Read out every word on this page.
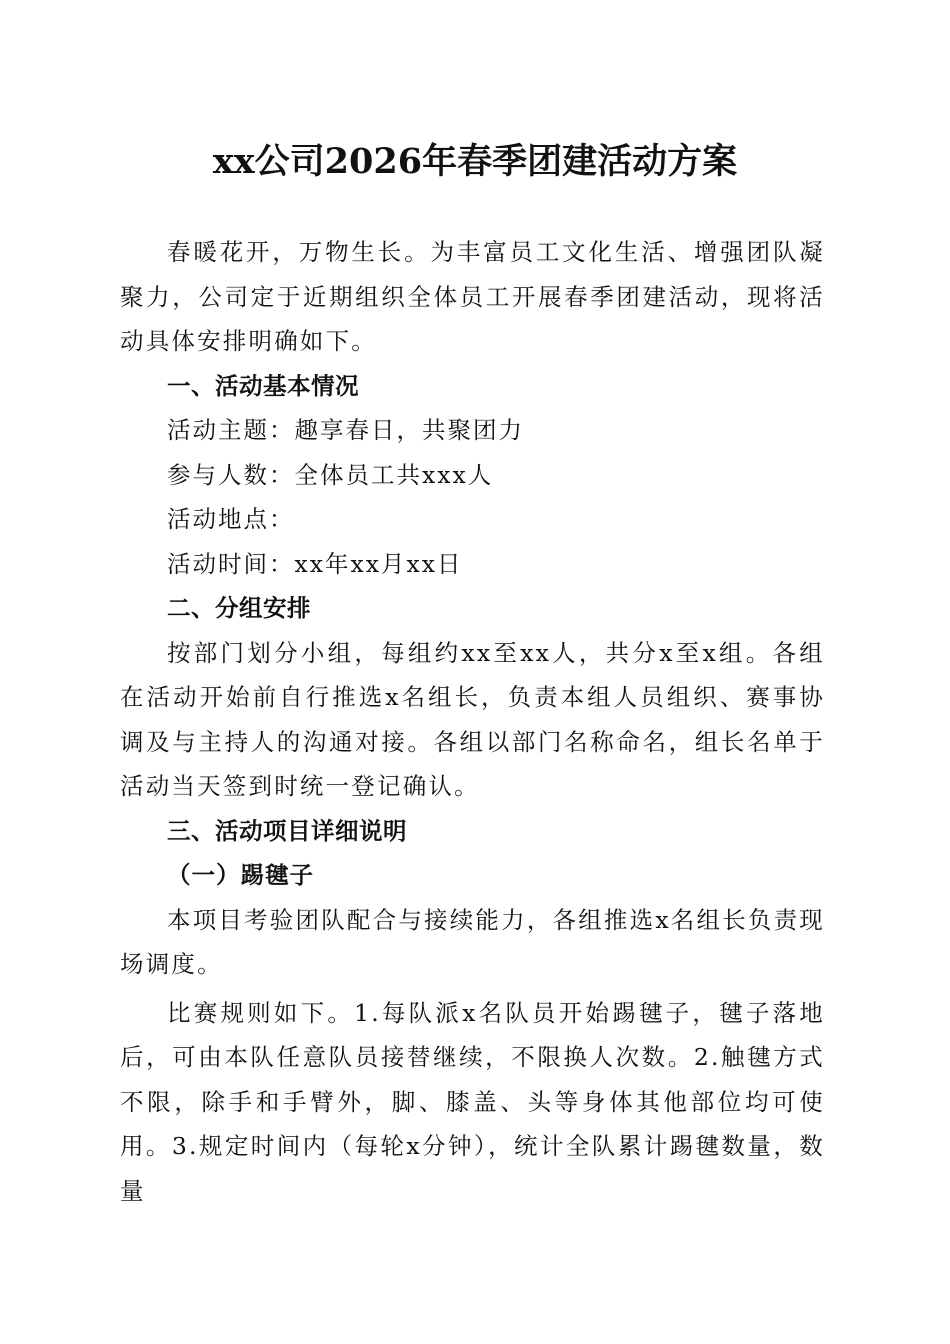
xx公司2026年春季团建活动方案

春暖花开，万物生长。为丰富员工文化生活、增强团队凝聚力，公司定于近期组织全体员工开展春季团建活动，现将活动具体安排明确如下。

一、活动基本情况

活动主题：趣享春日，共聚团力

参与人数：全体员工共xxx人

活动地点：

活动时间：xx年xx月xx日

二、分组安排

按部门划分小组，每组约xx至xx人，共分x至x组。各组在活动开始前自行推选x名组长，负责本组人员组织、赛事协调及与主持人的沟通对接。各组以部门名称命名，组长名单于活动当天签到时统一登记确认。

三、活动项目详细说明

（一）踢毽子

本项目考验团队配合与接续能力，各组推选x名组长负责现场调度。

比赛规则如下。1.每队派x名队员开始踢毽子，毽子落地后，可由本队任意队员接替继续，不限换人次数。2.触毽方式不限，除手和手臂外，脚、膝盖、头等身体其他部位均可使用。3.规定时间内（每轮x分钟），统计全队累计踢毽数量，数量
